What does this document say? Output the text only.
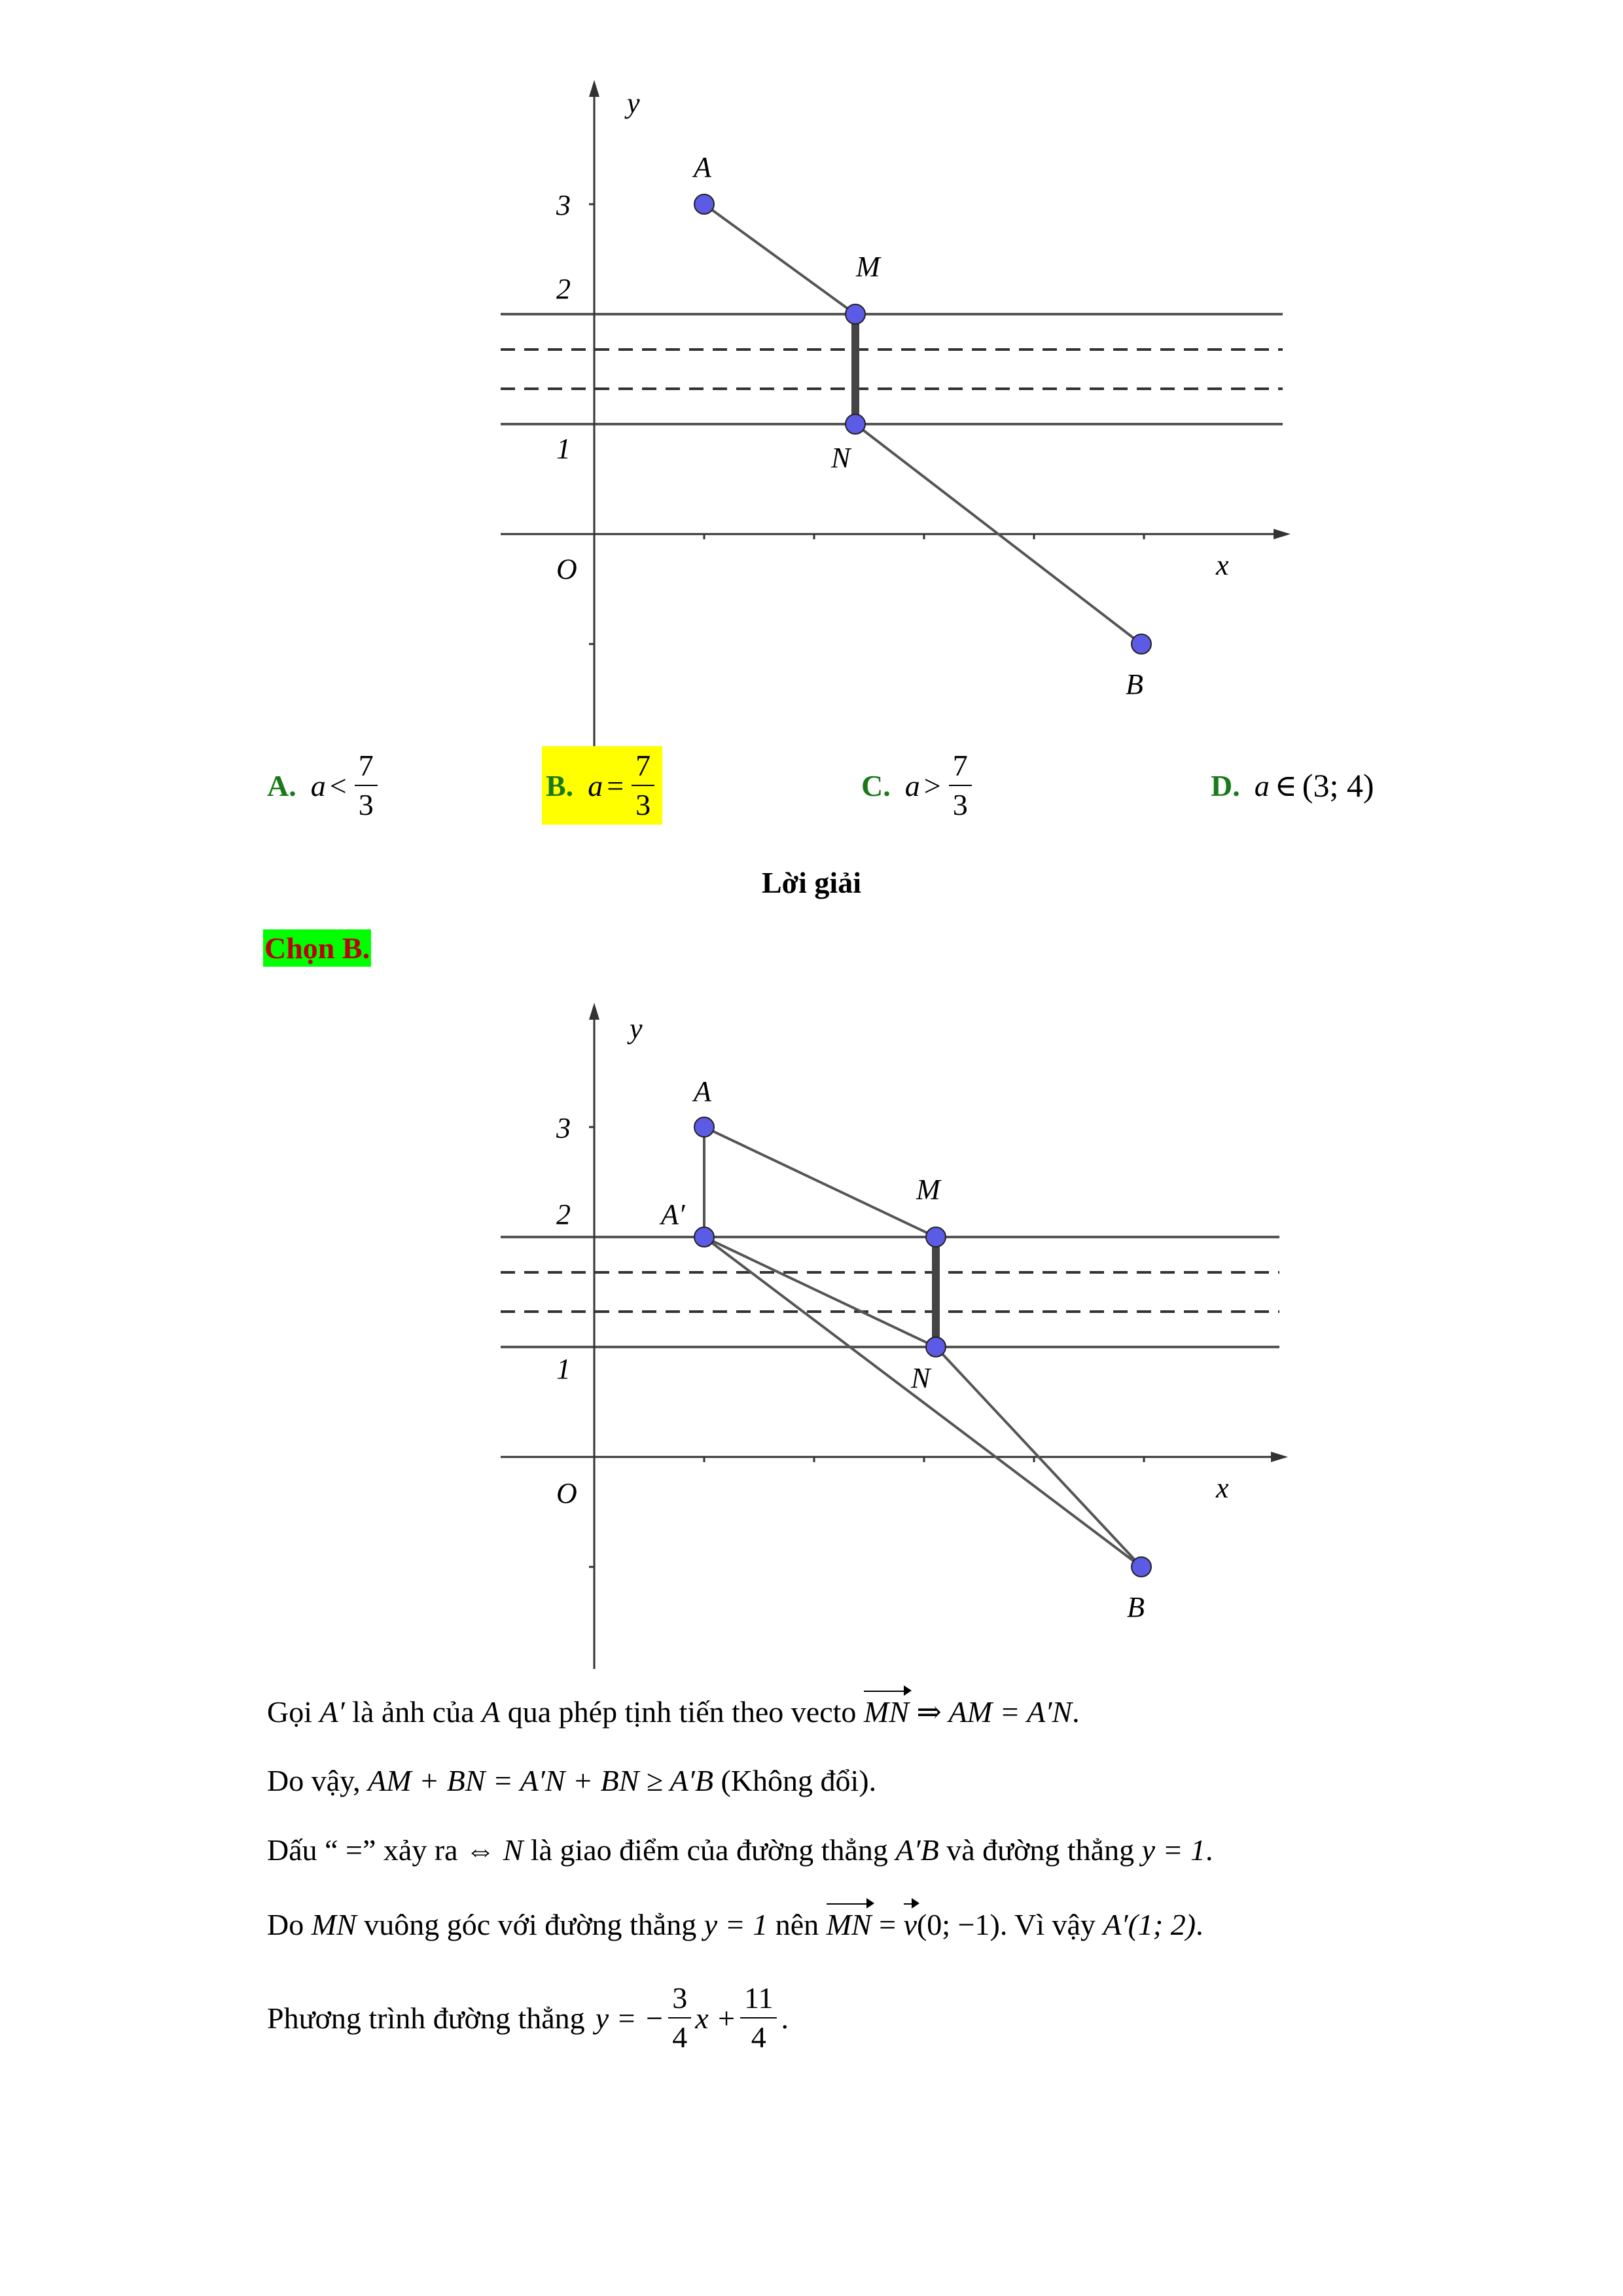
y
x
O
3
2
1
A
M
N
B
A. $a < \frac{7}{3}$	B. $a = \frac{7}{3}$	C. $a > \frac{7}{3}$	D. a ∈ (3; 4)
Lời giải
Chọn B.
y
x
O
3
2
1
A
A′
M
N
B
Gọi A′ là ảnh của A qua phép tịnh tiến theo vecto MN ⇒ AM = A′N.
Do vậy, AM + BN = A′N + BN ≥ A′B (Không đổi).
Dấu “ =” xảy ra ⇔ N là giao điểm của đường thẳng A′B và đường thẳng y = 1.
Do MN vuông góc với đường thẳng y = 1 nên MN = v(0; −1). Vì vậy A′(1; 2).
Phương trình đường thẳng y = − $\frac{3}{4}$ $x + \frac{11}{4}$ .
